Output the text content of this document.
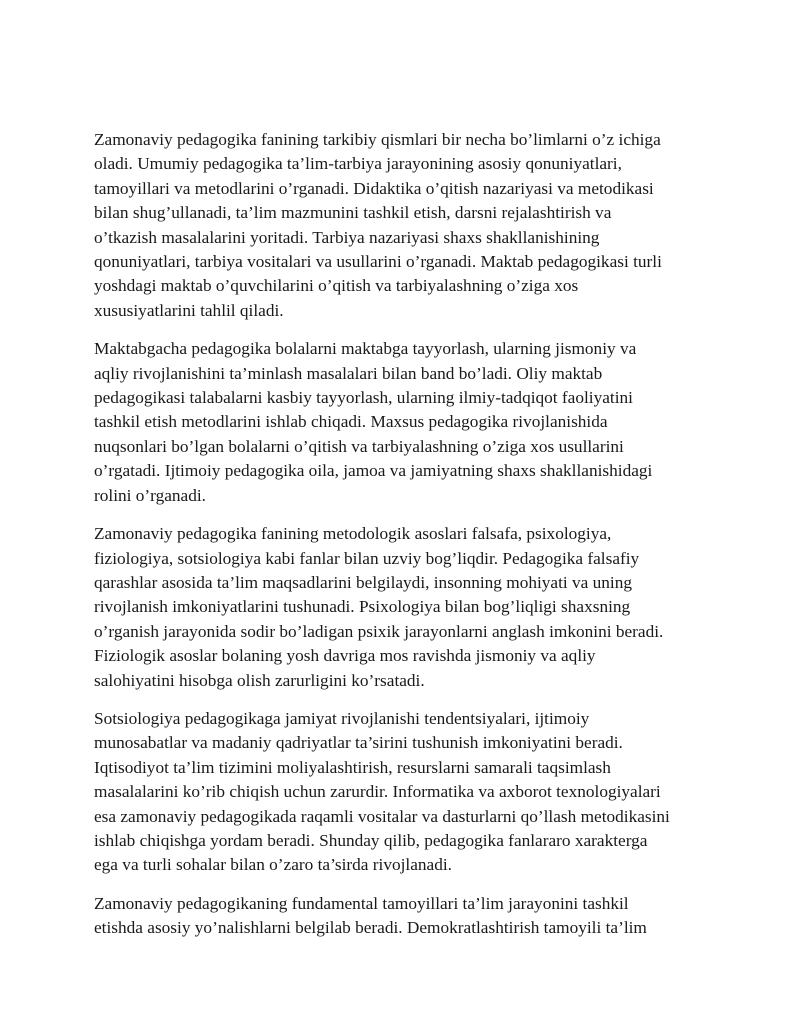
Zamonaviy pedagogika fanining tarkibiy qismlari bir necha bo’limlarni o’z ichiga
oladi. Umumiy pedagogika ta’lim-tarbiya jarayonining asosiy qonuniyatlari,
tamoyillari va metodlarini o’rganadi. Didaktika o’qitish nazariyasi va metodikasi
bilan shug’ullanadi, ta’lim mazmunini tashkil etish, darsni rejalashtirish va
o’tkazish masalalarini yoritadi. Tarbiya nazariyasi shaxs shakllanishining
qonuniyatlari, tarbiya vositalari va usullarini o’rganadi. Maktab pedagogikasi turli
yoshdagi maktab o’quvchilarini o’qitish va tarbiyalashning o’ziga xos
xususiyatlarini tahlil qiladi.

Maktabgacha pedagogika bolalarni maktabga tayyorlash, ularning jismoniy va
aqliy rivojlanishini ta’minlash masalalari bilan band bo’ladi. Oliy maktab
pedagogikasi talabalarni kasbiy tayyorlash, ularning ilmiy-tadqiqot faoliyatini
tashkil etish metodlarini ishlab chiqadi. Maxsus pedagogika rivojlanishida
nuqsonlari bo’lgan bolalarni o’qitish va tarbiyalashning o’ziga xos usullarini
o’rgatadi. Ijtimoiy pedagogika oila, jamoa va jamiyatning shaxs shakllanishidagi
rolini o’rganadi.

Zamonaviy pedagogika fanining metodologik asoslari falsafa, psixologiya,
fiziologiya, sotsiologiya kabi fanlar bilan uzviy bog’liqdir. Pedagogika falsafiy
qarashlar asosida ta’lim maqsadlarini belgilaydi, insonning mohiyati va uning
rivojlanish imkoniyatlarini tushunadi. Psixologiya bilan bog’liqligi shaxsning
o’rganish jarayonida sodir bo’ladigan psixik jarayonlarni anglash imkonini beradi.
Fiziologik asoslar bolaning yosh davriga mos ravishda jismoniy va aqliy
salohiyatini hisobga olish zarurligini ko’rsatadi.

Sotsiologiya pedagogikaga jamiyat rivojlanishi tendentsiyalari, ijtimoiy
munosabatlar va madaniy qadriyatlar ta’sirini tushunish imkoniyatini beradi.
Iqtisodiyot ta’lim tizimini moliyalashtirish, resurslarni samarali taqsimlash
masalalarini ko’rib chiqish uchun zarurdir. Informatika va axborot texnologiyalari
esa zamonaviy pedagogikada raqamli vositalar va dasturlarni qo’llash metodikasini
ishlab chiqishga yordam beradi. Shunday qilib, pedagogika fanlararo xarakterga
ega va turli sohalar bilan o’zaro ta’sirda rivojlanadi.

Zamonaviy pedagogikaning fundamental tamoyillari ta’lim jarayonini tashkil
etishda asosiy yo’nalishlarni belgilab beradi. Demokratlashtirish tamoyili ta’lim
